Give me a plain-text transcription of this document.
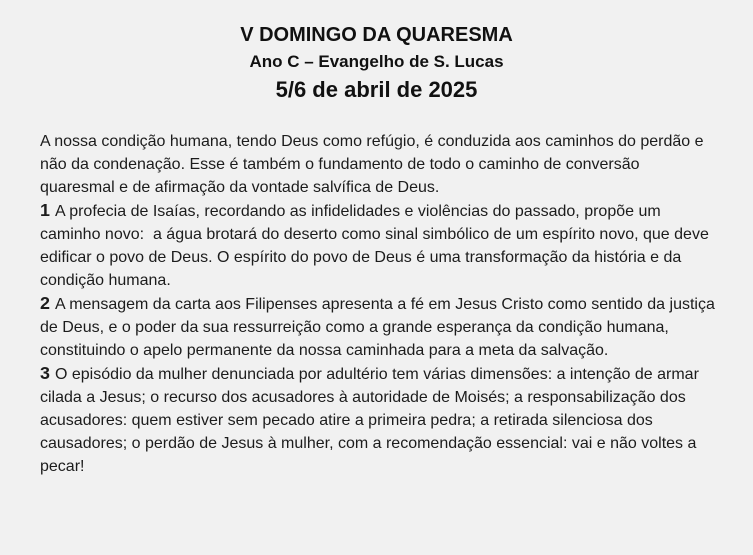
V DOMINGO DA QUARESMA
Ano C – Evangelho de S. Lucas
5/6 de abril de 2025

A nossa condição humana, tendo Deus como refúgio, é conduzida aos caminhos do perdão e não da condenação. Esse é também o fundamento de todo o caminho de conversão quaresmal e de afirmação da vontade salvífica de Deus.

1 A profecia de Isaías, recordando as infidelidades e violências do passado, propõe um caminho novo:  a água brotará do deserto como sinal simbólico de um espírito novo, que deve edificar o povo de Deus. O espírito do povo de Deus é uma transformação da história e da condição humana.

2 A mensagem da carta aos Filipenses apresenta a fé em Jesus Cristo como sentido da justiça de Deus, e o poder da sua ressurreição como a grande esperança da condição humana, constituindo o apelo permanente da nossa caminhada para a meta da salvação.

3 O episódio da mulher denunciada por adultério tem várias dimensões: a intenção de armar cilada a Jesus; o recurso dos acusadores à autoridade de Moisés; a responsabilização dos acusadores: quem estiver sem pecado atire a primeira pedra; a retirada silenciosa dos causadores; o perdão de Jesus à mulher, com a recomendação essencial: vai e não voltes a pecar!
